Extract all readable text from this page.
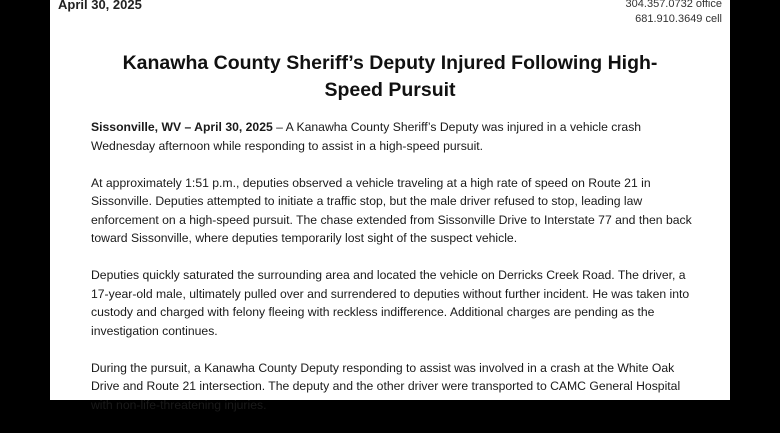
April 30, 2025	304.357.0732 office
681.910.3649 cell
Kanawha County Sheriff’s Deputy Injured Following High-
Speed Pursuit

Sissonville, WV – April 30, 2025 – A Kanawha County Sheriff’s Deputy was injured in a vehicle crash Wednesday afternoon while responding to assist in a high-speed pursuit.

At approximately 1:51 p.m., deputies observed a vehicle traveling at a high rate of speed on Route 21 in Sissonville. Deputies attempted to initiate a traffic stop, but the male driver refused to stop, leading law enforcement on a high-speed pursuit. The chase extended from Sissonville Drive to Interstate 77 and then back toward Sissonville, where deputies temporarily lost sight of the suspect vehicle.

Deputies quickly saturated the surrounding area and located the vehicle on Derricks Creek Road. The driver, a 17-year-old male, ultimately pulled over and surrendered to deputies without further incident. He was taken into custody and charged with felony fleeing with reckless indifference. Additional charges are pending as the investigation continues.

During the pursuit, a Kanawha County Deputy responding to assist was involved in a crash at the White Oak Drive and Route 21 intersection. The deputy and the other driver were transported to CAMC General Hospital with non-life-threatening injuries.
